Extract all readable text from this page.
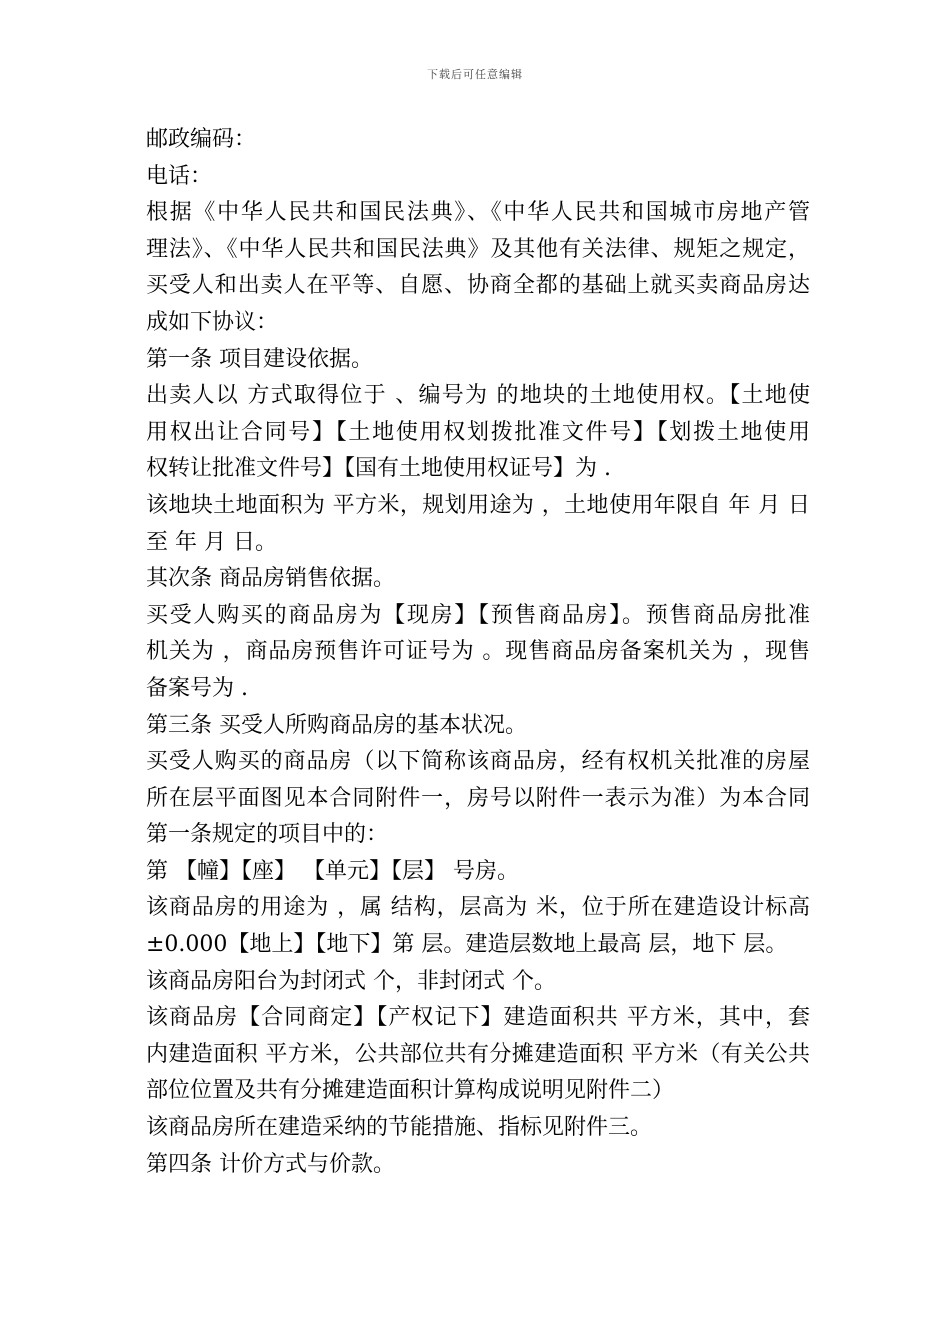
下载后可任意编辑
邮政编码：
电话：
根据《中华人民共和国民法典》、《中华人民共和国城市房地产管
理法》、《中华人民共和国民法典》及其他有关法律、规矩之规定，
买受人和出卖人在平等、自愿、协商全都的基础上就买卖商品房达
成如下协议：
第一条 项目建设依据。
出卖人以 方式取得位于 、编号为 的地块的土地使用权。【土地使
用权出让合同号】【土地使用权划拨批准文件号】【划拨土地使用
权转让批准文件号】【国有土地使用权证号】为 .
该地块土地面积为 平方米，规划用途为 ，土地使用年限自 年 月 日
至 年 月 日。
其次条 商品房销售依据。
买受人购买的商品房为【现房】【预售商品房】。预售商品房批准
机关为 ，商品房预售许可证号为 。现售商品房备案机关为 ，现售
备案号为 .
第三条 买受人所购商品房的基本状况。
买受人购买的商品房（以下简称该商品房，经有权机关批准的房屋
所在层平面图见本合同附件一，房号以附件一表示为准）为本合同
第一条规定的项目中的：
第 【幢】【座】 【单元】【层】 号房。
该商品房的用途为 ，属 结构，层高为 米，位于所在建造设计标高
±0.000【地上】【地下】第 层。建造层数地上最高 层，地下 层。
该商品房阳台为封闭式 个，非封闭式 个。
该商品房【合同商定】【产权记下】建造面积共 平方米，其中，套
内建造面积 平方米，公共部位共有分摊建造面积 平方米（有关公共
部位位置及共有分摊建造面积计算构成说明见附件二）
该商品房所在建造采纳的节能措施、指标见附件三。
第四条 计价方式与价款。
